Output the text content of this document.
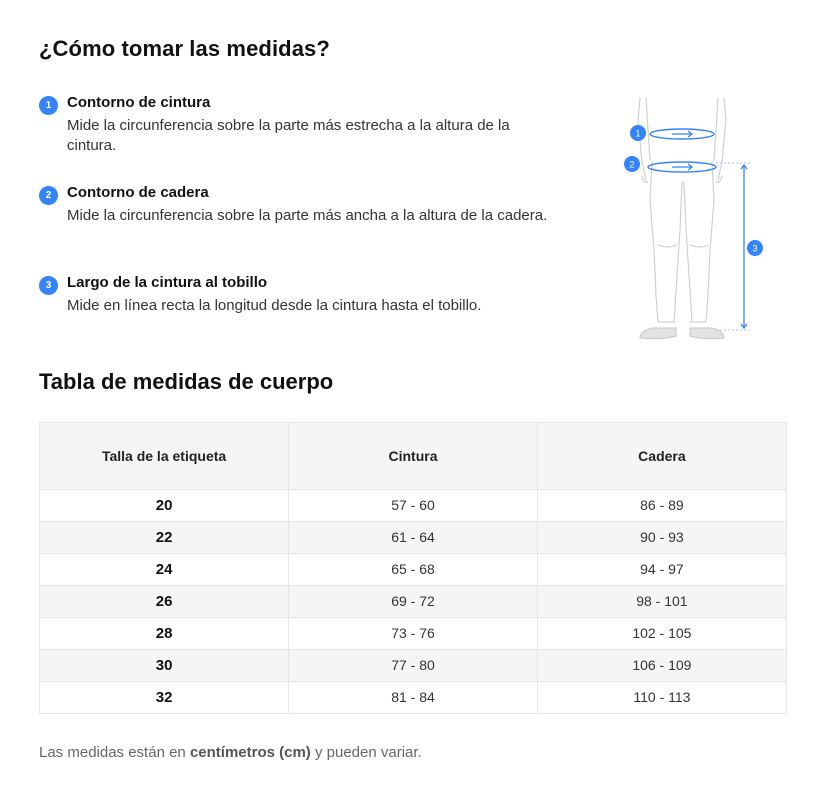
¿Cómo tomar las medidas?
1	Contorno de cintura
Mide la circunferencia sobre la parte más estrecha a la altura de la cintura.
2	Contorno de cadera
Mide la circunferencia sobre la parte más ancha a la altura de la cadera.
3	Largo de la cintura al tobillo
Mide en línea recta la longitud desde la cintura hasta el tobillo.
1
2
3
Tabla de medidas de cuerpo
Talla de la etiqueta	Cintura	Cadera
20	57 - 60	86 - 89
22	61 - 64	90 - 93
24	65 - 68	94 - 97
26	69 - 72	98 - 101
28	73 - 76	102 - 105
30	77 - 80	106 - 109
32	81 - 84	110 - 113
Las medidas están en centímetros (cm) y pueden variar.
